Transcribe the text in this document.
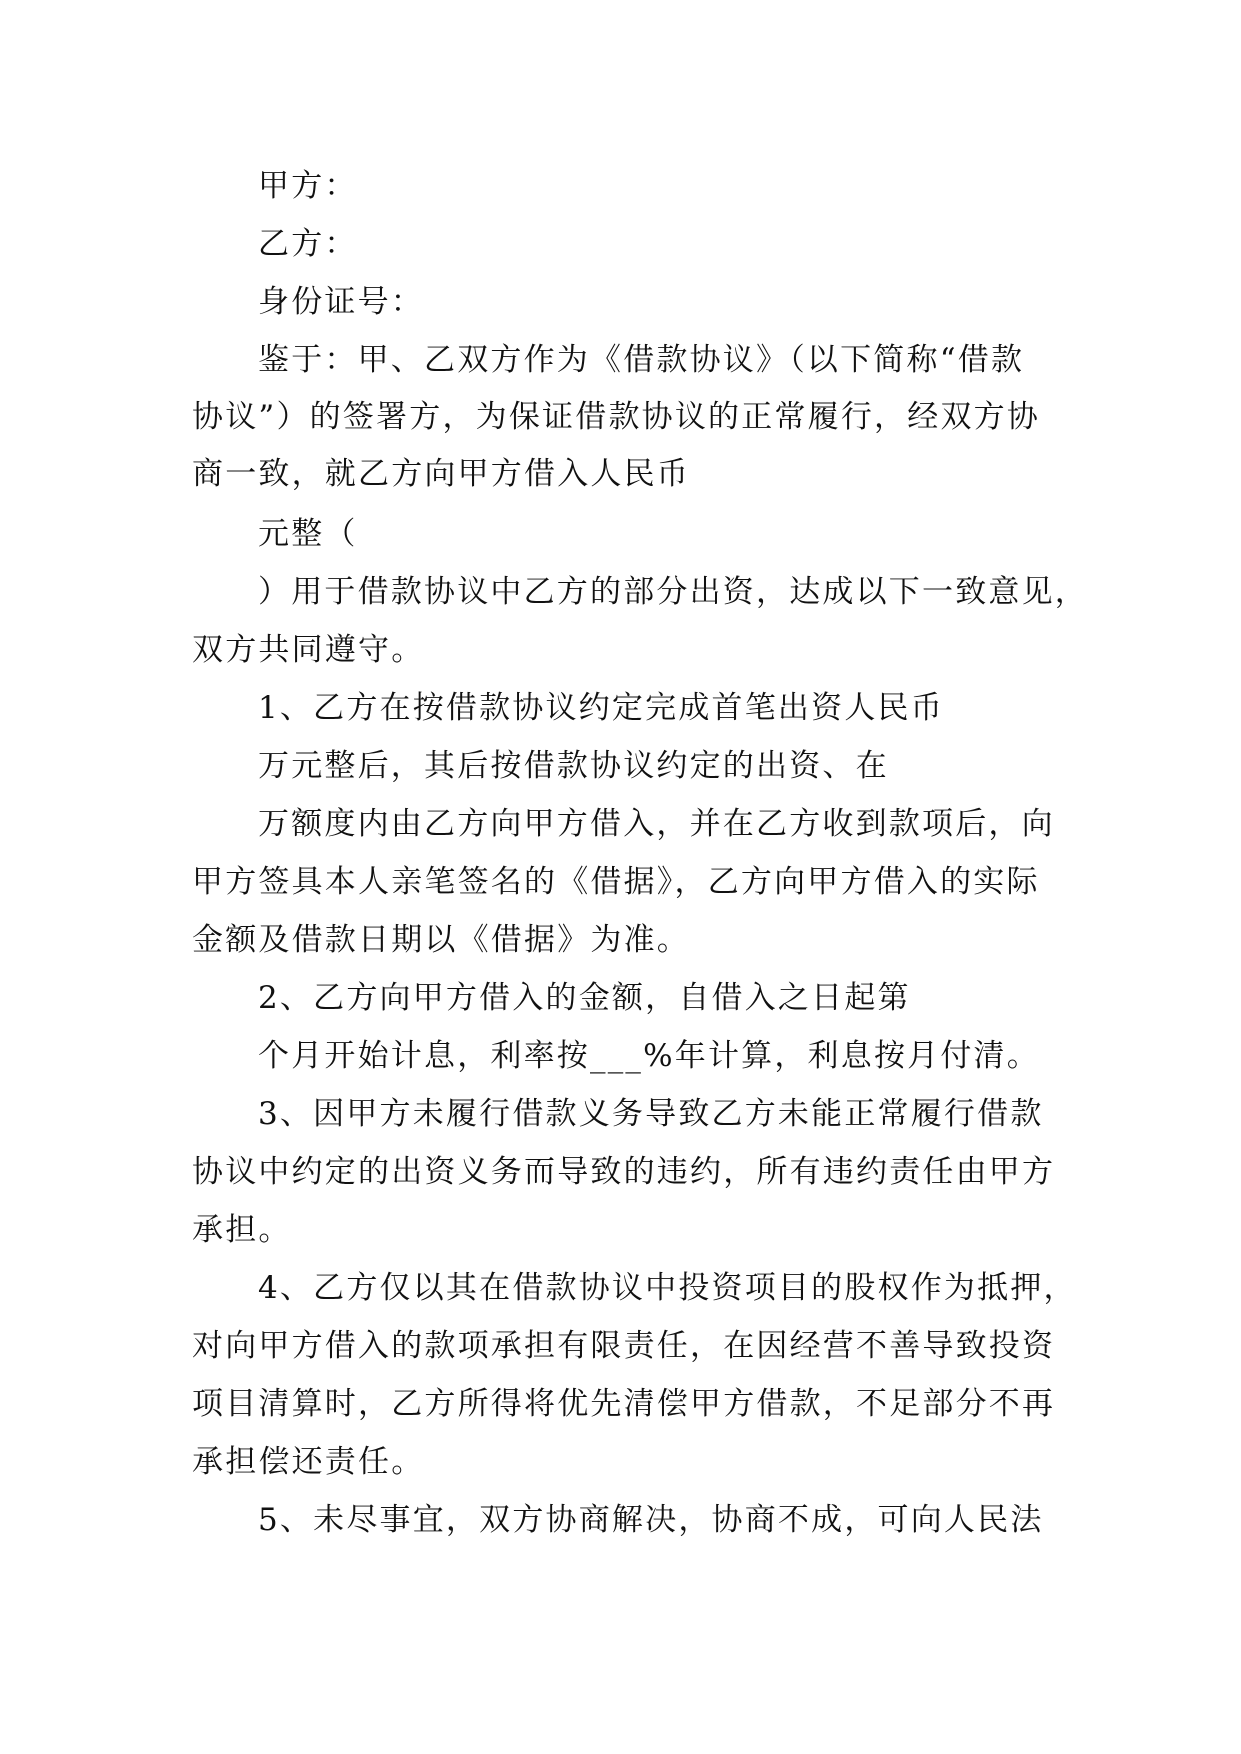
甲方：
乙方：
身份证号：
鉴于：甲、乙双方作为《借款协议》（以下简称“借款
协议”）的签署方，为保证借款协议的正常履行，经双方协
商一致，就乙方向甲方借入人民币
元整（
）用于借款协议中乙方的部分出资，达成以下一致意见，
双方共同遵守。
1、乙方在按借款协议约定完成首笔出资人民币
万元整后，其后按借款协议约定的出资、在
万额度内由乙方向甲方借入，并在乙方收到款项后，向
甲方签具本人亲笔签名的《借据》，乙方向甲方借入的实际
金额及借款日期以《借据》为准。
2、乙方向甲方借入的金额，自借入之日起第
个月开始计息，利率按___%年计算，利息按月付清。
3、因甲方未履行借款义务导致乙方未能正常履行借款
协议中约定的出资义务而导致的违约，所有违约责任由甲方
承担。
4、乙方仅以其在借款协议中投资项目的股权作为抵押，
对向甲方借入的款项承担有限责任，在因经营不善导致投资
项目清算时，乙方所得将优先清偿甲方借款，不足部分不再
承担偿还责任。
5、未尽事宜，双方协商解决，协商不成，可向人民法
